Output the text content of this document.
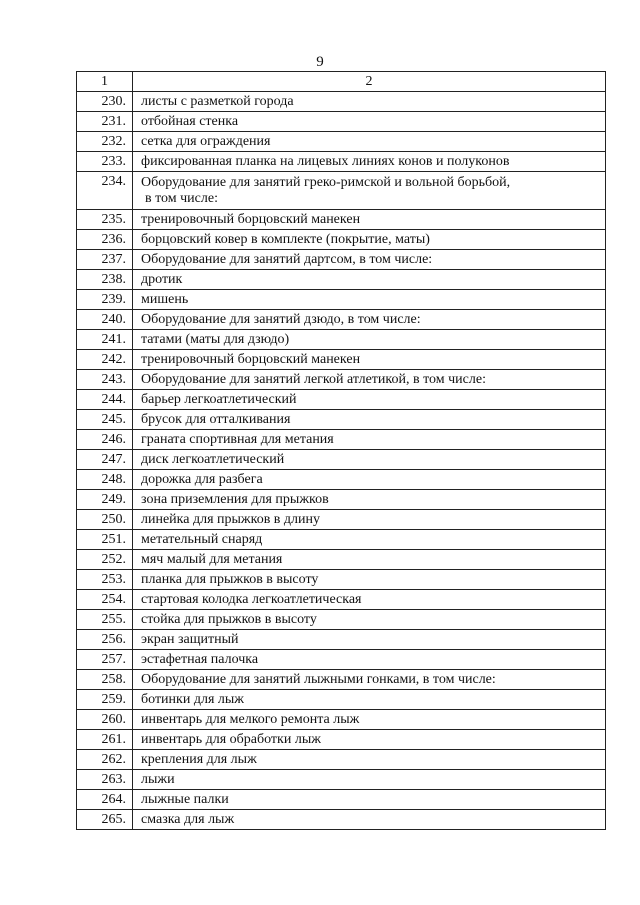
9
1	2
230.	листы с разметкой города

231.	отбойная стенка

232.	сетка для ограждения

233.	фиксированная планка на лицевых линиях конов и полуконов

234.	Оборудование для занятий греко-римской и вольной борьбой,
в том числе:

235.	тренировочный борцовский манекен

236.	борцовский ковер в комплекте (покрытие, маты)

237.	Оборудование для занятий дартсом, в том числе:

238.	дротик

239.	мишень

240.	Оборудование для занятий дзюдо, в том числе:

241.	татами (маты для дзюдо)

242.	тренировочный борцовский манекен

243.	Оборудование для занятий легкой атлетикой, в том числе:

244.	барьер легкоатлетический

245.	брусок для отталкивания

246.	граната спортивная для метания

247.	диск легкоатлетический

248.	дорожка для разбега

249.	зона приземления для прыжков

250.	линейка для прыжков в длину

251.	метательный снаряд

252.	мяч малый для метания

253.	планка для прыжков в высоту

254.	стартовая колодка легкоатлетическая

255.	стойка для прыжков в высоту

256.	экран защитный

257.	эстафетная палочка

258.	Оборудование для занятий лыжными гонками, в том числе:

259.	ботинки для лыж

260.	инвентарь для мелкого ремонта лыж

261.	инвентарь для обработки лыж

262.	крепления для лыж

263.	лыжи

264.	лыжные палки

265.	смазка для лыж
